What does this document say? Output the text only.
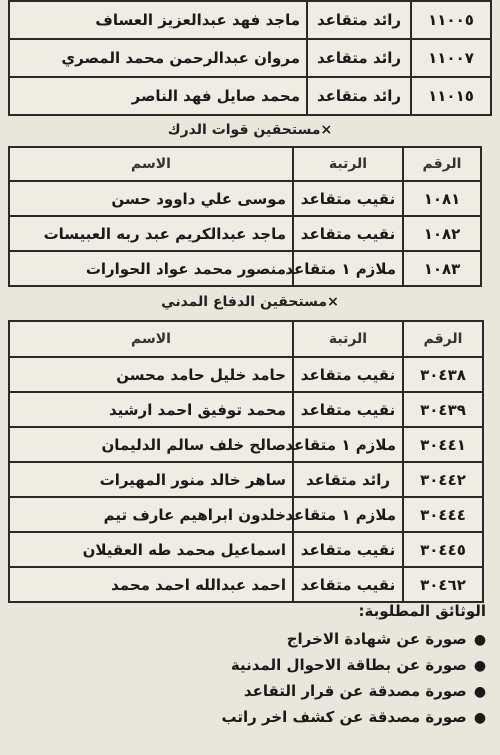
١١٠٠٥	رائد متقاعد	ماجد فهد عبدالعزيز العساف
١١٠٠٧	رائد متقاعد	مروان عبدالرحمن محمد المصري
١١٠١٥	رائد متقاعد	محمد صايل فهد الناصر
×مستحقين قوات الدرك
الرقم	الرتبة	الاسم
١٠٨١	نقيب متقاعد	موسى علي داوود حسن
١٠٨٢	نقيب متقاعد	ماجد عبدالكريم عبد ربه العبيسات
١٠٨٣	ملازم ١ متقاعد	منصور محمد عواد الحوارات
×مستحقين الدفاع المدني
الرقم	الرتبة	الاسم
٣٠٤٣٨	نقيب متقاعد	حامد خليل حامد محسن
٣٠٤٣٩	نقيب متقاعد	محمد توفيق احمد ارشيد
٣٠٤٤١	ملازم ١ متقاعد	صالح خلف سالم الدليمان
٣٠٤٤٢	رائد متقاعد	ساهر خالد منور المهيرات
٣٠٤٤٤	ملازم ١ متقاعد	خلدون ابراهيم عارف تيم
٣٠٤٤٥	نقيب متقاعد	اسماعيل محمد طه العقيلان
٣٠٤٦٢	نقيب متقاعد	احمد عبدالله احمد محمد
الوثائق المطلوبة:
● صورة عن شهادة الاخراج
● صورة عن بطاقة الاحوال المدنية
● صورة مصدقة عن قرار التقاعد
● صورة مصدقة عن كشف اخر راتب
